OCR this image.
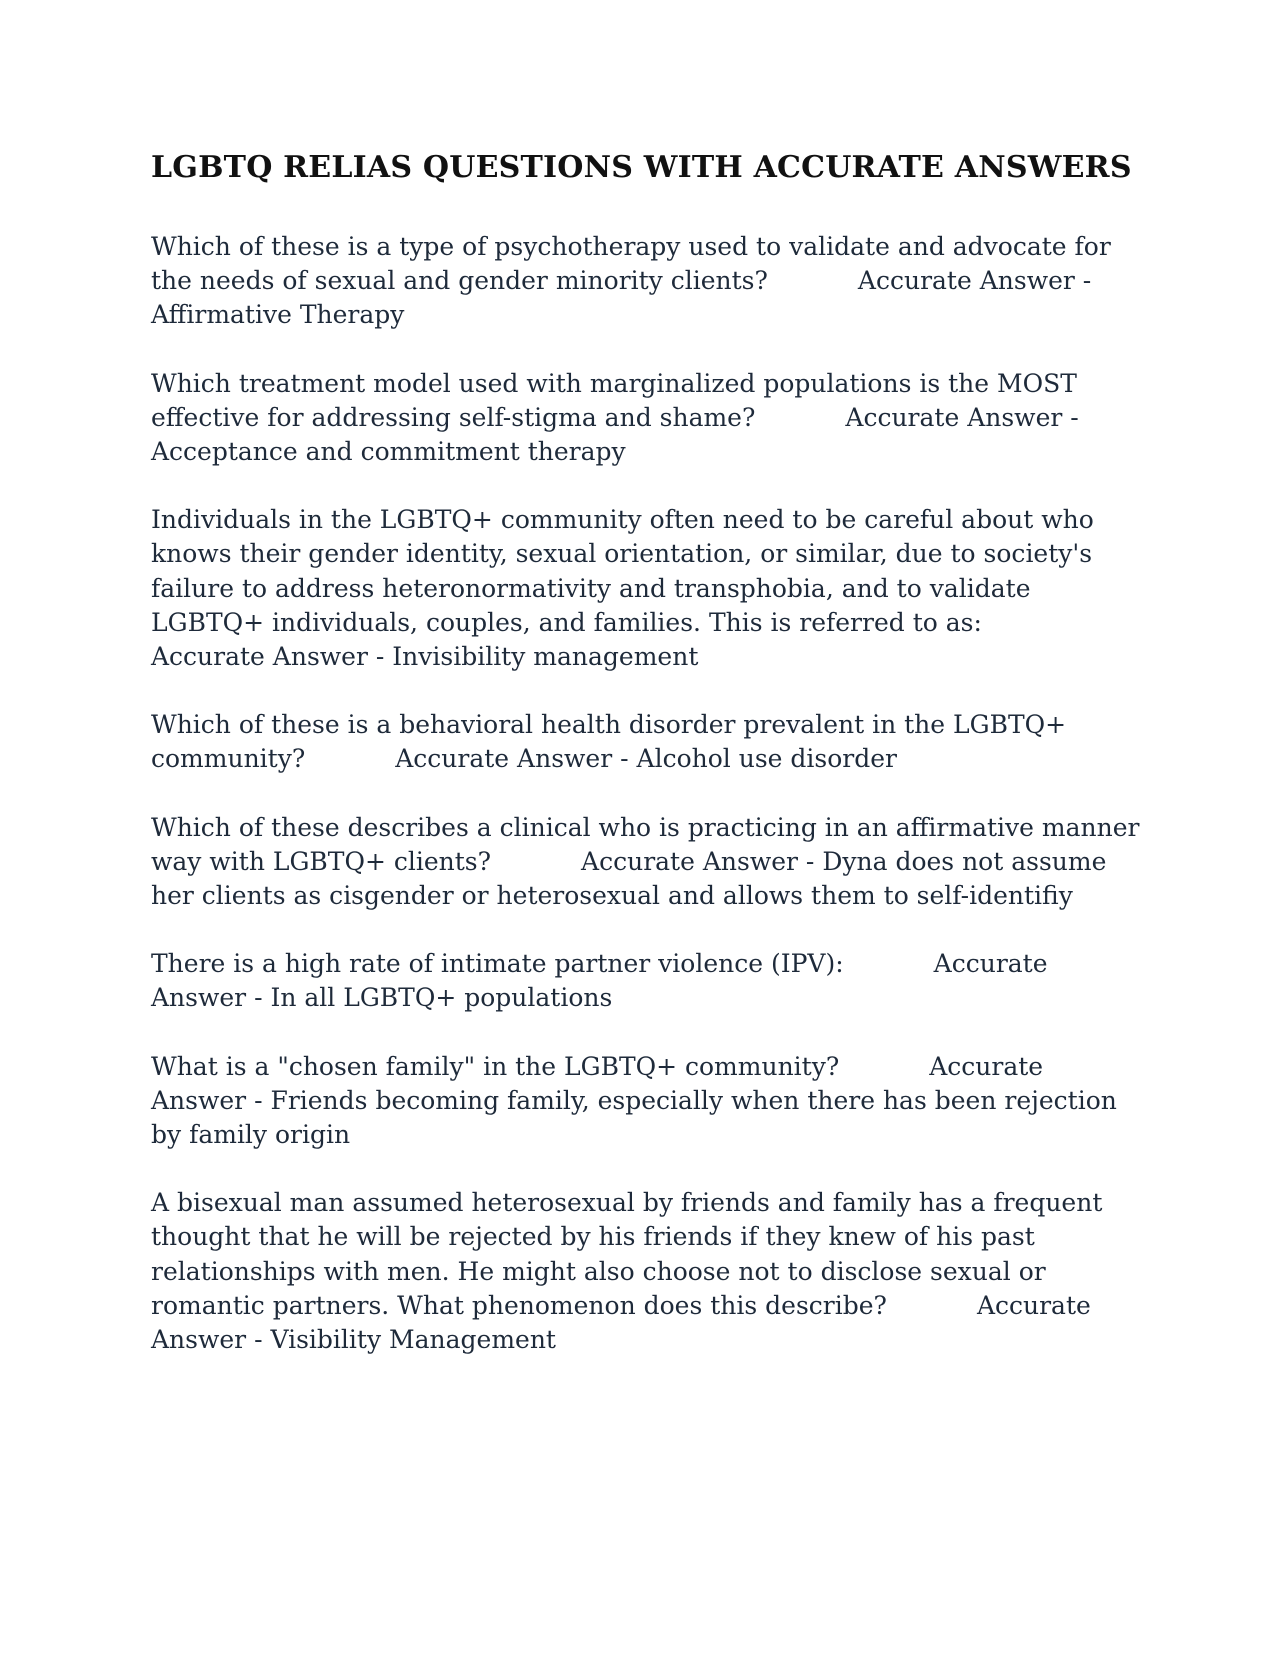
LGBTQ RELIAS QUESTIONS WITH ACCURATE ANSWERS

Which of these is a type of psychotherapy used to validate and advocate for the needs of sexual and gender minority clients?	Accurate Answer - Affirmative Therapy

Which treatment model used with marginalized populations is the MOST effective for addressing self-stigma and shame?	Accurate Answer - Acceptance and commitment therapy

Individuals in the LGBTQ+ community often need to be careful about who knows their gender identity, sexual orientation, or similar, due to society's failure to address heteronormativity and transphobia, and to validate LGBTQ+ individuals, couples, and families. This is referred to as:Accurate Answer - Invisibility management

Which of these is a behavioral health disorder prevalent in the LGBTQ+ community?	Accurate Answer - Alcohol use disorder

Which of these describes a clinical who is practicing in an affirmative manner way with LGBTQ+ clients?	Accurate Answer - Dyna does not assume her clients as cisgender or heterosexual and allows them to self-identifiy

There is a high rate of intimate partner violence (IPV):	Accurate Answer - In all LGBTQ+ populations

What is a "chosen family" in the LGBTQ+ community?	Accurate Answer - Friends becoming family, especially when there has been rejection by family origin

A bisexual man assumed heterosexual by friends and family has a frequent thought that he will be rejected by his friends if they knew of his past relationships with men. He might also choose not to disclose sexual or romantic partners. What phenomenon does this describe?	Accurate Answer - Visibility Management
